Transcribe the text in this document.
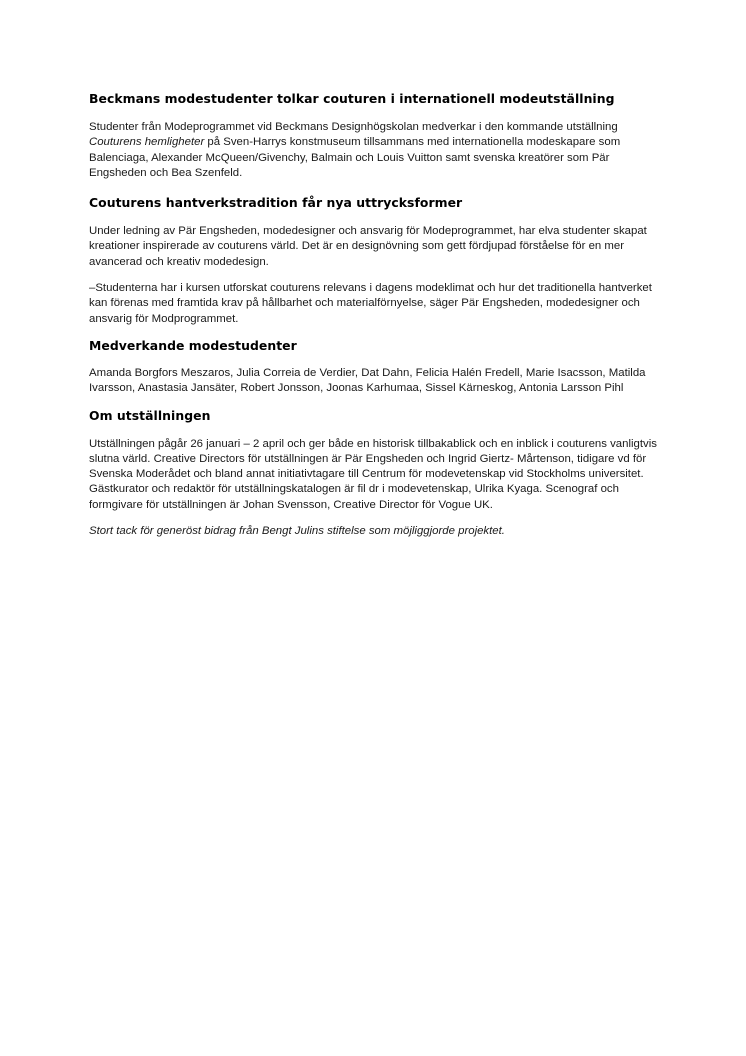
Beckmans modestudenter tolkar couturen i internationell modeutställning

Studenter från Modeprogrammet vid Beckmans Designhögskolan medverkar i den kommande utställning Couturens hemligheter på Sven-Harrys konstmuseum tillsammans med internationella modeskapare som Balenciaga, Alexander McQueen/Givenchy, Balmain och Louis Vuitton samt svenska kreatörer som Pär Engsheden och Bea Szenfeld.

Couturens hantverkstradition får nya uttrycksformer

Under ledning av Pär Engsheden, modedesigner och ansvarig för Modeprogrammet, har elva studenter skapat kreationer inspirerade av couturens värld. Det är en designövning som gett fördjupad förståelse för en mer avancerad och kreativ modedesign.

–Studenterna har i kursen utforskat couturens relevans i dagens modeklimat och hur det traditionella hantverket kan förenas med framtida krav på hållbarhet och materialförnyelse, säger Pär Engsheden, modedesigner och ansvarig för Modprogrammet.

Medverkande modestudenter

Amanda Borgfors Meszaros, Julia Correia de Verdier, Dat Dahn, Felicia Halén Fredell, Marie Isacsson, Matilda Ivarsson, Anastasia Jansäter, Robert Jonsson, Joonas Karhumaa, Sissel Kärneskog, Antonia Larsson Pihl

Om utställningen

Utställningen pågår 26 januari – 2 april och ger både en historisk tillbakablick och en inblick i couturens vanligtvis slutna värld. Creative Directors för utställningen är Pär Engsheden och Ingrid Giertz- Mårtenson, tidigare vd för Svenska Moderådet och bland annat initiativtagare till Centrum för modevetenskap vid Stockholms universitet. Gästkurator och redaktör för utställningskatalogen är fil dr i modevetenskap, Ulrika Kyaga. Scenograf och formgivare för utställningen är Johan Svensson, Creative Director för Vogue UK.

Stort tack för generöst bidrag från Bengt Julins stiftelse som möjliggjorde projektet.
